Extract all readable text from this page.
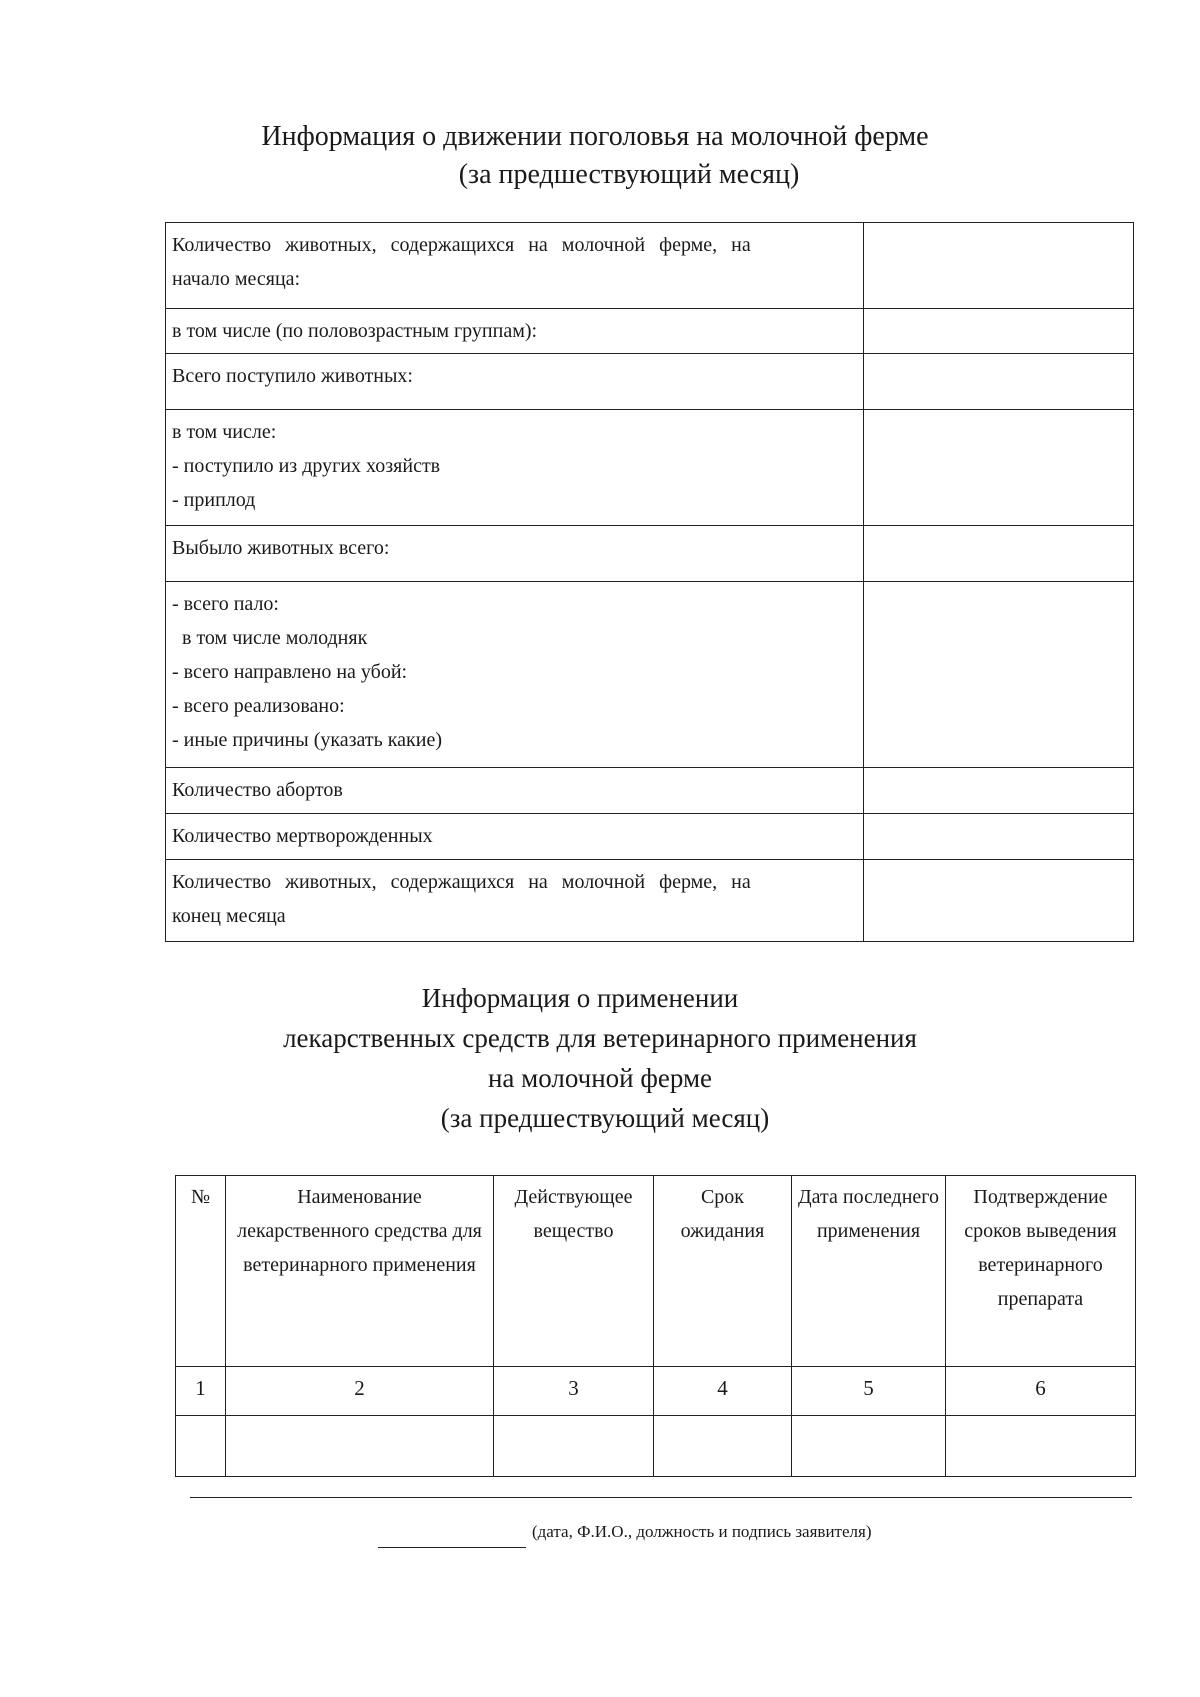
Информация о движении поголовья на молочной ферме
(за предшествующий месяц)
Количество животных, содержащихся на молочной ферме, на
начало месяца:	

в том числе (по половозрастным группам):	

Всего поступило животных:	

в том числе:
- поступило из других хозяйств
- приплод	

Выбыло животных всего:	

- всего пало:
в том числе молодняк
- всего направлено на убой:
- всего реализовано:
- иные причины (указать какие)	

Количество абортов	

Количество мертворожденных	

Количество животных, содержащихся на молочной ферме, на
конец месяца	

Информация о применении
лекарственных средств для ветеринарного применения
на молочной ферме
(за предшествующий месяц)
№	Наименование лекарственного средства для ветеринарного применения	Действующее вещество	Срок ожидания	Дата последнего применения	Подтверждение сроков выведения ветеринарного препарата
1	2	3	4	5	6

(дата, Ф.И.О., должность и подпись заявителя)
